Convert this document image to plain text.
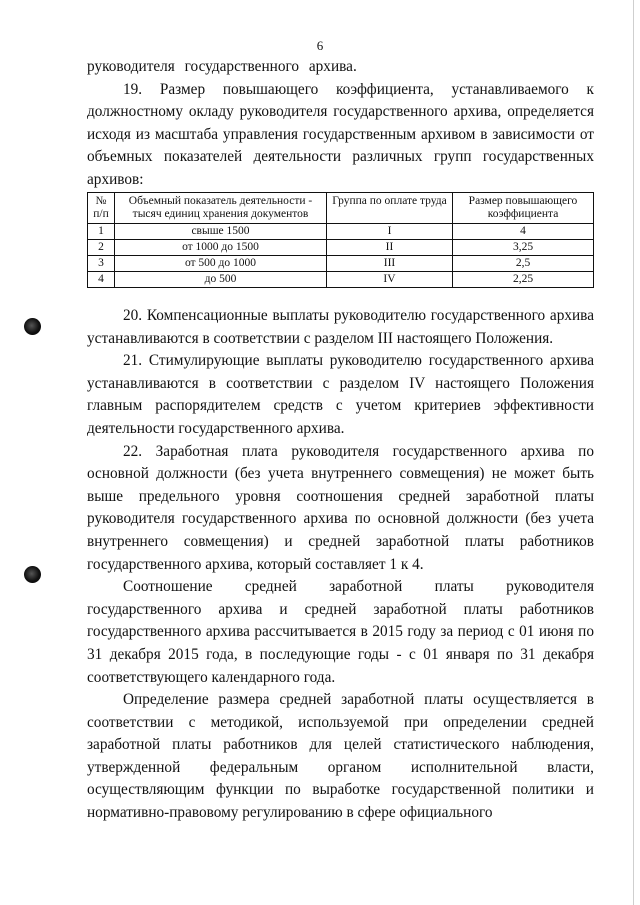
6

руководителя государственного архива.

19. Размер повышающего коэффициента, устанавливаемого к должностному окладу руководителя государственного архива, определяется исходя из масштаба управления государственным архивом в зависимости от объемных показателей деятельности различных групп государственных архивов:

№ п/п	Объемный показатель деятельности - тысяч единиц хранения документов	Группа по оплате труда	Размер повышающего коэффициента
1	свыше 1500	I	4
2	от 1000 до 1500	II	3,25
3	от 500 до 1000	III	2,5
4	до 500	IV	2,25

20. Компенсационные выплаты руководителю государственного архива устанавливаются в соответствии с разделом III настоящего Положения.

21. Стимулирующие выплаты руководителю государственного архива устанавливаются в соответствии с разделом IV настоящего Положения главным распорядителем средств с учетом критериев эффективности деятельности государственного архива.

22. Заработная плата руководителя государственного архива по основной должности (без учета внутреннего совмещения) не может быть выше предельного уровня соотношения средней заработной платы руководителя государственного архива по основной должности (без учета внутреннего совмещения) и средней заработной платы работников государственного архива, который составляет 1 к 4.

Соотношение средней заработной платы руководителя государственного архива и средней заработной платы работников государственного архива рассчитывается в 2015 году за период с 01 июня по 31 декабря 2015 года, в последующие годы - с 01 января по 31 декабря соответствующего календарного года.

Определение размера средней заработной платы осуществляется в соответствии с методикой, используемой при определении средней заработной платы работников для целей статистического наблюдения, утвержденной федеральным органом исполнительной власти, осуществляющим функции по выработке государственной политики и нормативно-правовому регулированию в сфере официального
